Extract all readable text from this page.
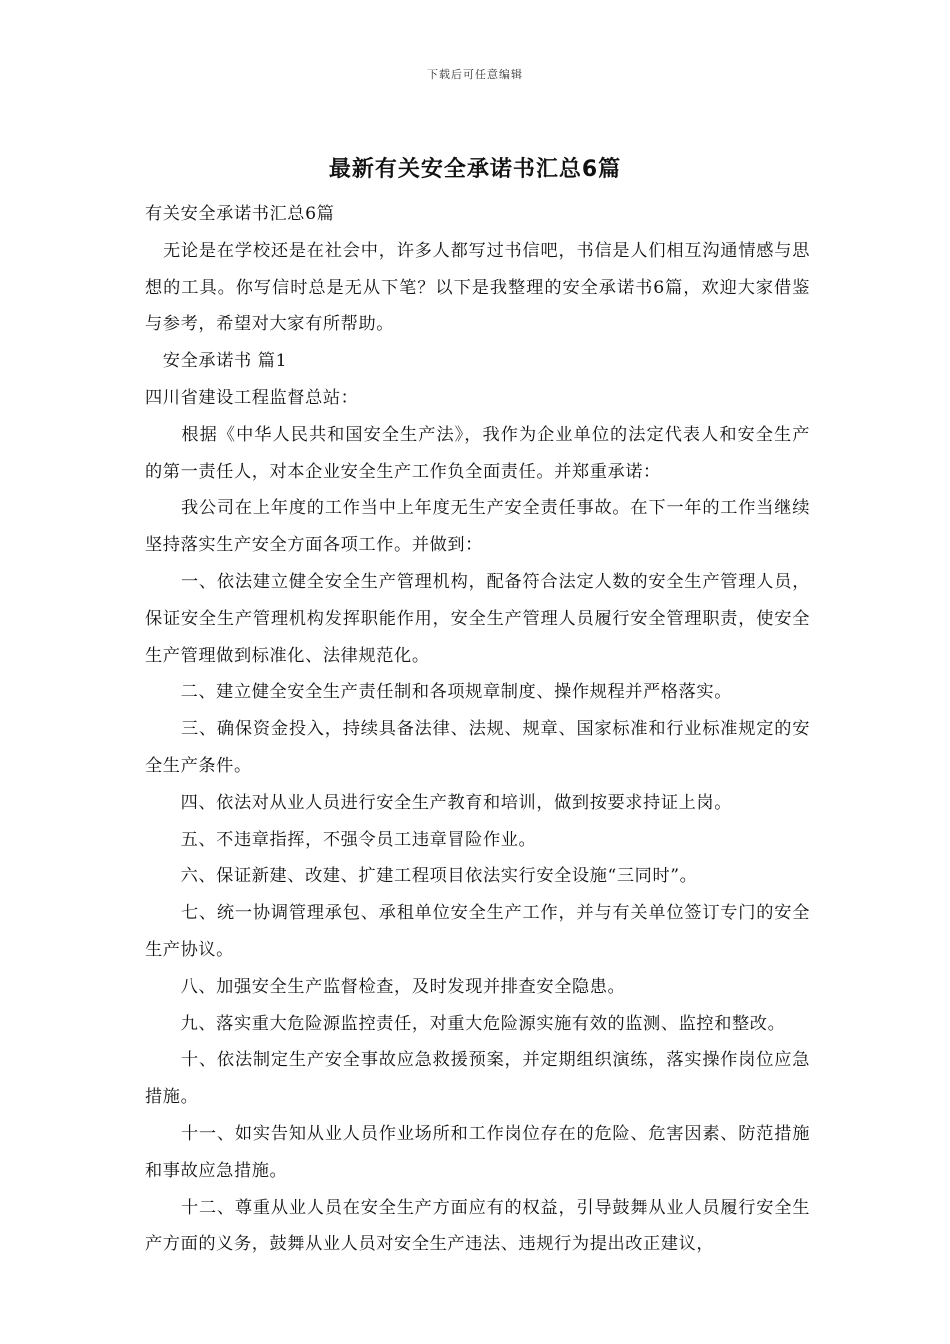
下载后可任意编辑
最新有关安全承诺书汇总6篇

有关安全承诺书汇总6篇

　无论是在学校还是在社会中，许多人都写过书信吧，书信是人们相互沟通情感与思想的工具。你写信时总是无从下笔？以下是我整理的安全承诺书6篇，欢迎大家借鉴与参考，希望对大家有所帮助。

　安全承诺书 篇1

四川省建设工程监督总站：

　　根据《中华人民共和国安全生产法》，我作为企业单位的法定代表人和安全生产的第一责任人，对本企业安全生产工作负全面责任。并郑重承诺：

　　我公司在上年度的工作当中上年度无生产安全责任事故。在下一年的工作当继续坚持落实生产安全方面各项工作。并做到：

　　一、依法建立健全安全生产管理机构，配备符合法定人数的安全生产管理人员，保证安全生产管理机构发挥职能作用，安全生产管理人员履行安全管理职责，使安全生产管理做到标准化、法律规范化。

　　二、建立健全安全生产责任制和各项规章制度、操作规程并严格落实。

　　三、确保资金投入，持续具备法律、法规、规章、国家标准和行业标准规定的安全生产条件。

　　四、依法对从业人员进行安全生产教育和培训，做到按要求持证上岗。

　　五、不违章指挥，不强令员工违章冒险作业。

　　六、保证新建、改建、扩建工程项目依法实行安全设施“三同时”。

　　七、统一协调管理承包、承租单位安全生产工作，并与有关单位签订专门的安全生产协议。

　　八、加强安全生产监督检查，及时发现并排查安全隐患。

　　九、落实重大危险源监控责任，对重大危险源实施有效的监测、监控和整改。

　　十、依法制定生产安全事故应急救援预案，并定期组织演练，落实操作岗位应急措施。

　　十一、如实告知从业人员作业场所和工作岗位存在的危险、危害因素、防范措施和事故应急措施。

　　十二、尊重从业人员在安全生产方面应有的权益，引导鼓舞从业人员履行安全生产方面的义务，鼓舞从业人员对安全生产违法、违规行为提出改正建议，
